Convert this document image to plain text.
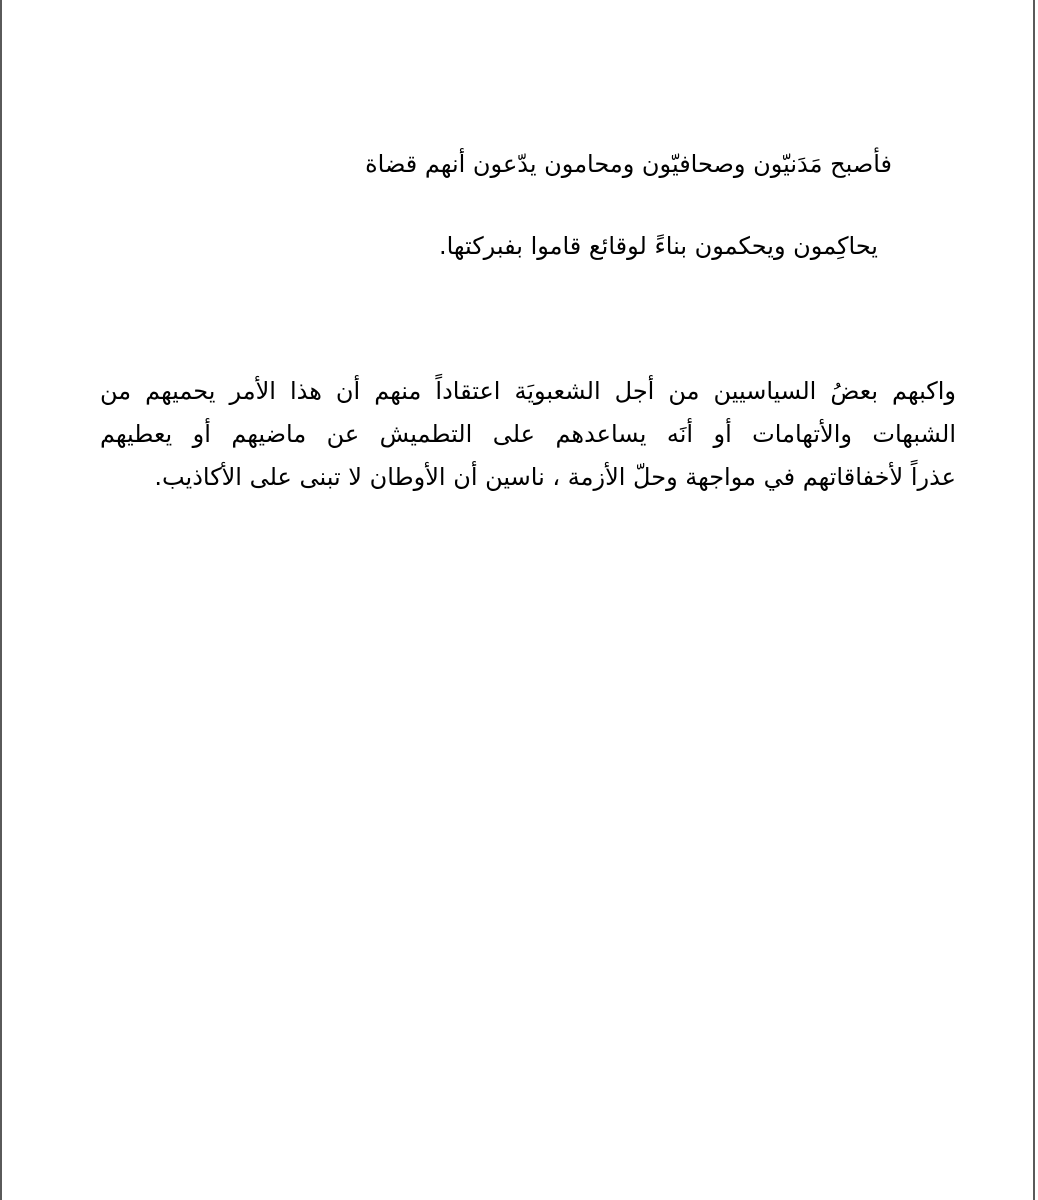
فأصبح مَدَنيّون وصحافيّون ومحامون يدّعون أنهم قضاة

يحاكِمون ويحكمون بناءً لوقائع قاموا بفبركتها.

واكبهم بعضُ السياسيين من أجل الشعبويَة اعتقاداً منهم أن هذا الأمر يحميهم من
الشبهات والأتهامات أو أنَه يساعدهم على التطميش عن ماضيهم أو يعطيهم
عذراً لأخفاقاتهم في مواجهة وحلّ الأزمة ، ناسين أن الأوطان لا تبنى على الأكاذيب.
